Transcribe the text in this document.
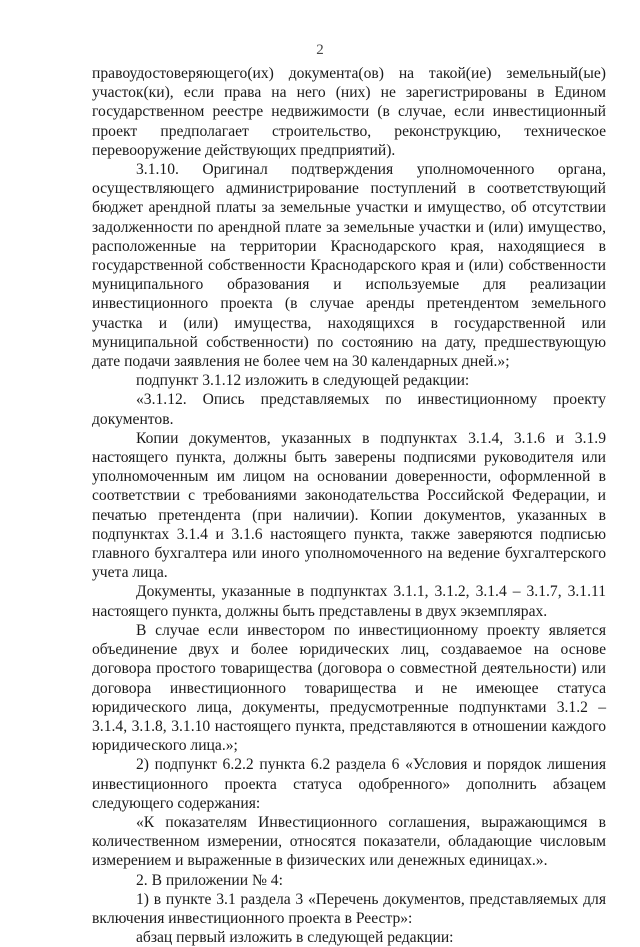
2

правоудостоверяющего(их) документа(ов) на такой(ие) земельный(ые) участок(ки), если права на него (них) не зарегистрированы в Едином государственном реестре недвижимости (в случае, если инвестиционный проект предполагает строительство, реконструкцию, техническое перевооружение действующих предприятий).

3.1.10. Оригинал подтверждения уполномоченного органа, осуществляющего администрирование поступлений в соответствующий бюджет арендной платы за земельные участки и имущество, об отсутствии задолженности по арендной плате за земельные участки и (или) имущество, расположенные на территории Краснодарского края, находящиеся в государственной собственности Краснодарского края и (или) собственности муниципального образования и используемые для реализации инвестиционного проекта (в случае аренды претендентом земельного участка и (или) имущества, находящихся в государственной или муниципальной собственности) по состоянию на дату, предшествующую дате подачи заявления не более чем на 30 календарных дней.»;

подпункт 3.1.12 изложить в следующей редакции:

«3.1.12. Опись представляемых по инвестиционному проекту документов.

Копии документов, указанных в подпунктах 3.1.4, 3.1.6 и 3.1.9 настоящего пункта, должны быть заверены подписями руководителя или уполномоченным им лицом на основании доверенности, оформленной в соответствии с требованиями законодательства Российской Федерации, и печатью претендента (при наличии). Копии документов, указанных в подпунктах 3.1.4 и 3.1.6 настоящего пункта, также заверяются подписью главного бухгалтера или иного уполномоченного на ведение бухгалтерского учета лица.

Документы, указанные в подпунктах 3.1.1, 3.1.2, 3.1.4 – 3.1.7, 3.1.11 настоящего пункта, должны быть представлены в двух экземплярах.

В случае если инвестором по инвестиционному проекту является объединение двух и более юридических лиц, создаваемое на основе договора простого товарищества (договора о совместной деятельности) или договора инвестиционного товарищества и не имеющее статуса юридического лица, документы, предусмотренные подпунктами 3.1.2 – 3.1.4, 3.1.8, 3.1.10 настоящего пункта, представляются в отношении каждого юридического лица.»;

2) подпункт 6.2.2 пункта 6.2 раздела 6 «Условия и порядок лишения инвестиционного проекта статуса одобренного» дополнить абзацем следующего содержания:

«К показателям Инвестиционного соглашения, выражающимся в количественном измерении, относятся показатели, обладающие числовым измерением и выраженные в физических или денежных единицах.».

2. В приложении № 4:

1) в пункте 3.1 раздела 3 «Перечень документов, представляемых для включения инвестиционного проекта в Реестр»:

абзац первый изложить в следующей редакции:
